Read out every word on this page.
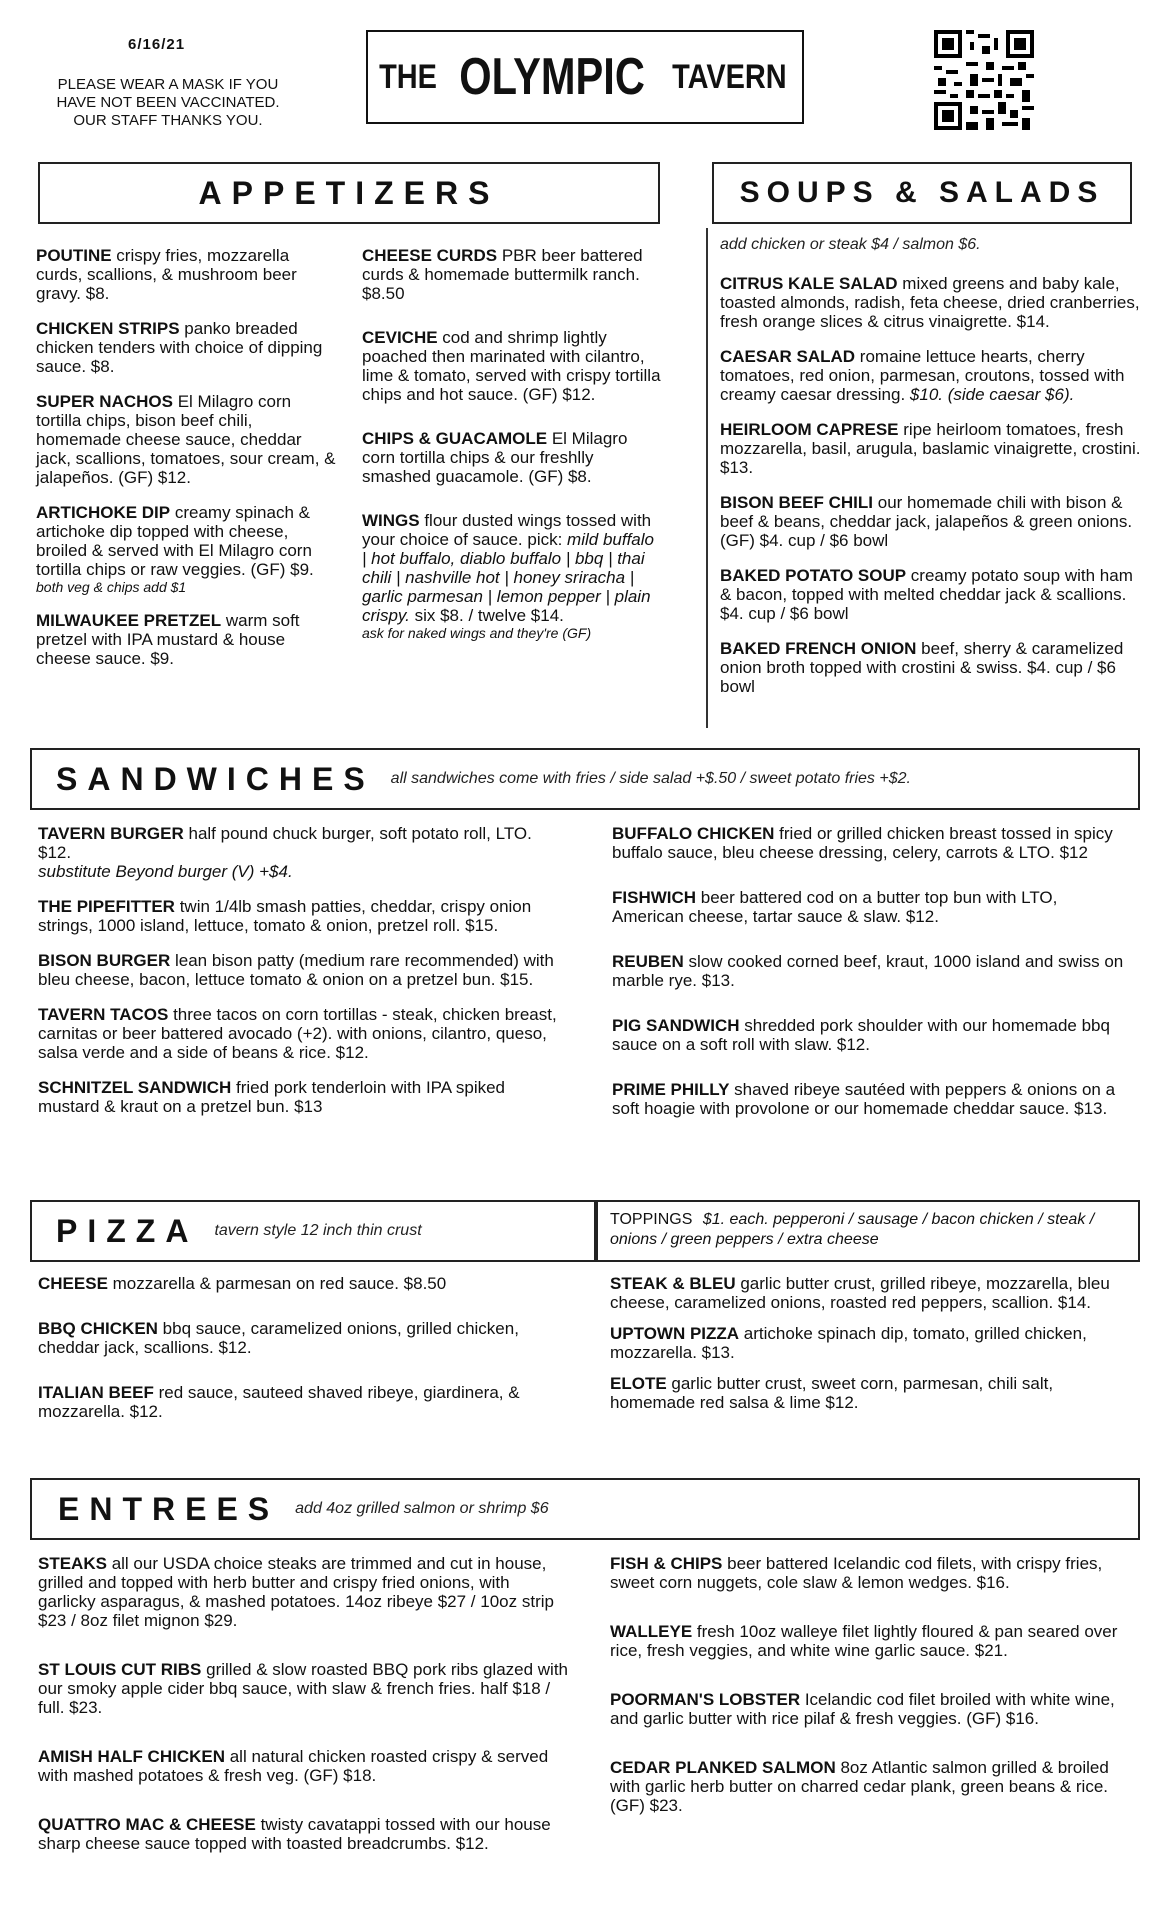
6/16/21
PLEASE WEAR A MASK IF YOU
HAVE NOT BEEN VACCINATED.
OUR STAFF THANKS YOU.
THE OLYMPIC TAVERN
APPETIZERS
POUTINE crispy fries, mozzarella curds, scallions, & mushroom beer gravy. $8.
CHICKEN STRIPS panko breaded chicken tenders with choice of dipping sauce. $8.
SUPER NACHOS El Milagro corn tortilla chips, bison beef chili, homemade cheese sauce, cheddar jack, scallions, tomatoes, sour cream, & jalapeños. (GF) $12.
ARTICHOKE DIP creamy spinach & artichoke dip topped with cheese, broiled & served with El Milagro corn tortilla chips or raw veggies. (GF) $9.
both veg & chips add $1
MILWAUKEE PRETZEL warm soft pretzel with IPA mustard & house cheese sauce. $9.
CHEESE CURDS PBR beer battered curds & homemade buttermilk ranch. $8.50
CEVICHE cod and shrimp lightly poached then marinated with cilantro, lime & tomato, served with crispy tortilla chips and hot sauce. (GF) $12.
CHIPS & GUACAMOLE El Milagro corn tortilla chips & our freshlly smashed guacamole. (GF) $8.
WINGS flour dusted wings tossed with your choice of sauce. pick: mild buffalo | hot buffalo, diablo buffalo | bbq | thai chili | nashville hot | honey sriracha | garlic parmesan | lemon pepper | plain crispy. six $8. / twelve $14.
ask for naked wings and they're (GF)
SOUPS & SALADS
add chicken or steak $4 / salmon $6.
CITRUS KALE SALAD mixed greens and baby kale, toasted almonds, radish, feta cheese, dried cranberries, fresh orange slices & citrus vinaigrette. $14.
CAESAR SALAD romaine lettuce hearts, cherry tomatoes, red onion, parmesan, croutons, tossed with creamy caesar dressing. $10. (side caesar $6).
HEIRLOOM CAPRESE ripe heirloom tomatoes, fresh mozzarella, basil, arugula, baslamic vinaigrette, crostini. $13.
BISON BEEF CHILI our homemade chili with bison & beef & beans, cheddar jack, jalapeños & green onions. (GF) $4. cup / $6 bowl
BAKED POTATO SOUP creamy potato soup with ham & bacon, topped with melted cheddar jack & scallions. $4. cup / $6 bowl
BAKED FRENCH ONION beef, sherry & caramelized onion broth topped with crostini & swiss. $4. cup / $6 bowl
SANDWICHES all sandwiches come with fries / side salad +$.50 / sweet potato fries +$2.
TAVERN BURGER half pound chuck burger, soft potato roll, LTO. $12.
substitute Beyond burger (V) +$4.
THE PIPEFITTER twin 1/4lb smash patties, cheddar, crispy onion strings, 1000 island, lettuce, tomato & onion, pretzel roll. $15.
BISON BURGER lean bison patty (medium rare recommended) with bleu cheese, bacon, lettuce tomato & onion on a pretzel bun. $15.
TAVERN TACOS three tacos on corn tortillas - steak, chicken breast, carnitas or beer battered avocado (+2). with onions, cilantro, queso, salsa verde and a side of beans & rice. $12.
SCHNITZEL SANDWICH fried pork tenderloin with IPA spiked mustard & kraut on a pretzel bun. $13
BUFFALO CHICKEN fried or grilled chicken breast tossed in spicy buffalo sauce, bleu cheese dressing, celery, carrots & LTO. $12
FISHWICH beer battered cod on a butter top bun with LTO, American cheese, tartar sauce & slaw. $12.
REUBEN slow cooked corned beef, kraut, 1000 island and swiss on marble rye. $13.
PIG SANDWICH shredded pork shoulder with our homemade bbq sauce on a soft roll with slaw. $12.
PRIME PHILLY shaved ribeye sautéed with peppers & onions on a soft hoagie with provolone or our homemade cheddar sauce. $13.
PIZZA tavern style 12 inch thin crust
TOPPINGS $1. each. pepperoni / sausage / bacon chicken / steak / onions / green peppers / extra cheese
CHEESE mozzarella & parmesan on red sauce. $8.50
BBQ CHICKEN bbq sauce, caramelized onions, grilled chicken, cheddar jack, scallions. $12.
ITALIAN BEEF red sauce, sauteed shaved ribeye, giardinera, & mozzarella. $12.
STEAK & BLEU garlic butter crust, grilled ribeye, mozzarella, bleu cheese, caramelized onions, roasted red peppers, scallion. $14.
UPTOWN PIZZA artichoke spinach dip, tomato, grilled chicken, mozzarella. $13.
ELOTE garlic butter crust, sweet corn, parmesan, chili salt, homemade red salsa & lime $12.
ENTREES add 4oz grilled salmon or shrimp $6
STEAKS all our USDA choice steaks are trimmed and cut in house, grilled and topped with herb butter and crispy fried onions, with garlicky asparagus, & mashed potatoes. 14oz ribeye $27 / 10oz strip $23 / 8oz filet mignon $29.
ST LOUIS CUT RIBS grilled & slow roasted BBQ pork ribs glazed with our smoky apple cider bbq sauce, with slaw & french fries. half $18 / full. $23.
AMISH HALF CHICKEN all natural chicken roasted crispy & served with mashed potatoes & fresh veg. (GF) $18.
QUATTRO MAC & CHEESE twisty cavatappi tossed with our house sharp cheese sauce topped with toasted breadcrumbs. $12.
FISH & CHIPS beer battered Icelandic cod filets, with crispy fries, sweet corn nuggets, cole slaw & lemon wedges. $16.
WALLEYE fresh 10oz walleye filet lightly floured & pan seared over rice, fresh veggies, and white wine garlic sauce. $21.
POORMAN'S LOBSTER Icelandic cod filet broiled with white wine, and garlic butter with rice pilaf & fresh veggies. (GF) $16.
CEDAR PLANKED SALMON 8oz Atlantic salmon grilled & broiled with garlic herb butter on charred cedar plank, green beans & rice. (GF) $23.
